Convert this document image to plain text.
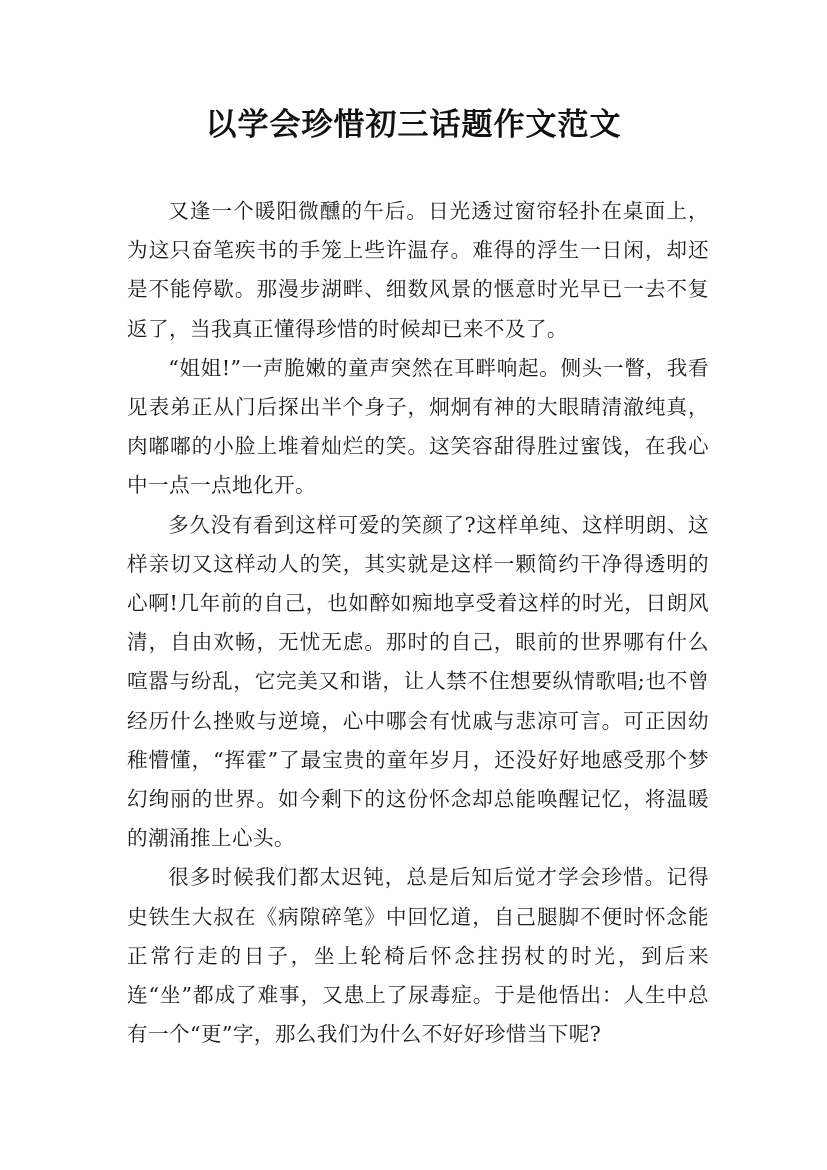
以学会珍惜初三话题作文范文

又逢一个暖阳微醺的午后。日光透过窗帘轻扑在桌面上，为这只奋笔疾书的手笼上些许温存。难得的浮生一日闲，却还是不能停歇。那漫步湖畔、细数风景的惬意时光早已一去不复返了，当我真正懂得珍惜的时候却已来不及了。

“姐姐!”一声脆嫩的童声突然在耳畔响起。侧头一瞥，我看见表弟正从门后探出半个身子，炯炯有神的大眼睛清澈纯真，肉嘟嘟的小脸上堆着灿烂的笑。这笑容甜得胜过蜜饯，在我心中一点一点地化开。

多久没有看到这样可爱的笑颜了?这样单纯、这样明朗、这样亲切又这样动人的笑，其实就是这样一颗简约干净得透明的心啊!几年前的自己，也如醉如痴地享受着这样的时光，日朗风清，自由欢畅，无忧无虑。那时的自己，眼前的世界哪有什么喧嚣与纷乱，它完美又和谐，让人禁不住想要纵情歌唱;也不曾经历什么挫败与逆境，心中哪会有忧戚与悲凉可言。可正因幼稚懵懂，“挥霍”了最宝贵的童年岁月，还没好好地感受那个梦幻绚丽的世界。如今剩下的这份怀念却总能唤醒记忆，将温暖的潮涌推上心头。

很多时候我们都太迟钝，总是后知后觉才学会珍惜。记得史铁生大叔在《病隙碎笔》中回忆道，自己腿脚不便时怀念能正常行走的日子，坐上轮椅后怀念拄拐杖的时光，到后来连“坐”都成了难事，又患上了尿毒症。于是他悟出：人生中总有一个“更”字，那么我们为什么不好好珍惜当下呢?
